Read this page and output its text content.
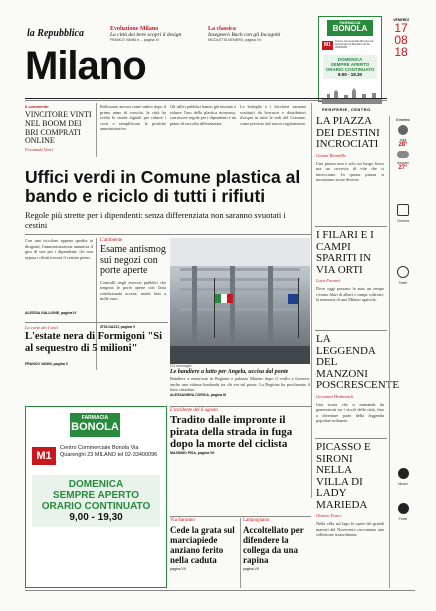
la Repubblica	Evoluzione Milano
La città dei bere scoprì il design
FRANCO VANNI e..., pagina XI
La classica
Insegnerò Bach con gli Incogniti
NICOLETTA SEMERO, pagina XV
FARMACIA
BONOLA
M1
Centro Commerciale Bonola Via Quarenghi 23 MILANO tel 02-33400096
DOMENICA
SEMPRE APERTO
ORARIO CONTINUATO
9.00 - 19.30
VENERDÌ
17
08
18
Milano
PERIFERIE, CENTRO
Il commento
VINCITORE VINTI NEL BOOM DEI BRI COMPRATI ONLINE
Fernanda Vinci
Rafforzato ancora come subito dopo il primo anno di crescita, la città ha scelto le strade digitali per ridurre i costi e semplificare le pratiche amministrative.
Gli uffici pubblici hanno già iniziato a ridurre l'uso della plastica monouso, con nuove regole per i dipendenti e un piano di raccolta differenziata.
Le bottiglie e i bicchieri saranno sostituiti da borracce e distributori d'acqua in tutte le sedi del Comune, come previsto dal nuovo regolamento.
Uffici verdi in Comune plastica al bando e riciclo di tutti i rifiuti
Regole più strette per i dipendenti: senza differenziata non saranno svuotati i cestini
Con una circolare appena spedita ai dirigenti, l'amministrazione annuncia il giro di vite per i dipendenti: chi non separa i rifiuti troverà il cestino pieno.
ALESSIA GALLIONE, pagina IV
L'ambiente
Esame antismog sui negozi con porte aperte
Controlli negli esercizi pubblici che tengono le porte aperte con l'aria condizionata accesa: multe fino a mille euro.
ZITA DAZZI, pagina V
La corte dei Conti
L'estate nera di Formigoni "Si al sequestro di 5 milioni"
FRANCO VANNI, pagina V	Chi ammaglia
Le bandiere a lutto per Angela, uccisa dal ponte
Bandiere a mezz'asta in Regione e palazzo Marino dopo il crollo a Genova: anche una vittima lombarda tra chi era sul ponte. La Regione ha proclamato il lutto cittadino.
ALESSANDRA CORICA, pagina III
FARMACIA
BONOLA
M1
Centro Commerciale Bonola Via Quarenghi 23 MILANO tel 02-33400096
DOMENICA
SEMPRE APERTO
ORARIO CONTINUATO
9,00 - 19,30
L'incidente del 6 agosto
Tradito dalle impronte il pirata della strada in fuga dopo la morte del ciclista
MASSIMO PISA, pagina VII
Via Saronno
Cede la grata sul marciapiede anziano ferito nella caduta
pagina VII
Lampugnano
Accoltellato per difendere la collega da una rapina
pagina VII
LA PIAZZA DEI DESTINI INCROCIATI
Gianni Biondillo
Una piazza non è solo un luogo fisico ma un crocevia di vite che si intrecciano. In questa piazza si incontrano storie diverse.
I FILARI E I CAMPI SPARITI IN VIA ORTI
Luca Fornari
Dove oggi passano le auto un tempo c'erano filari di alberi e campi coltivati: la memoria di una Milano agricola.
LA LEGGENDA DEL MANZONI POSCRESCENTE
Giovanni Hrabanich
Una storia che si tramanda da generazioni tra i vicoli della città, fino a diventare parte della leggenda popolare milanese.
PICASSO E SIRONI NELLA VILLA DI LADY MARIEDA
Ottavio Fusco
Nella villa sul lago le opere dei grandi maestri del Novecento raccontano una collezione straordinaria.
Il meteo
oggi
28°
domani
27°
Cinema
Teatri
Musei
Feste
